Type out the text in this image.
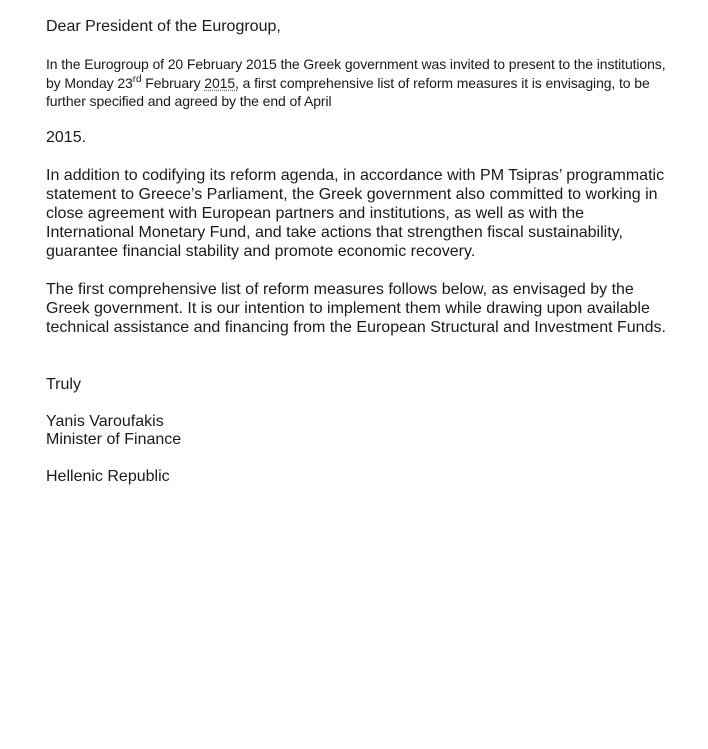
Dear President of the Eurogroup,
In the Eurogroup of 20 February 2015 the Greek government was invited to present to the institutions, by Monday 23rd February 2015, a first comprehensive list of reform measures it is envisaging, to be further specified and agreed by the end of April
2015.
In addition to codifying its reform agenda, in accordance with PM Tsipras’ programmatic statement to Greece’s Parliament, the Greek government also committed to working in close agreement with European partners and institutions, as well as with the International Monetary Fund, and take actions that strengthen fiscal sustainability, guarantee financial stability and promote economic recovery.
The first comprehensive list of reform measures follows below, as envisaged by the Greek government. It is our intention to implement them while drawing upon available technical assistance and financing from the European Structural and Investment Funds.
Truly
Yanis Varoufakis
Minister of Finance
Hellenic Republic
